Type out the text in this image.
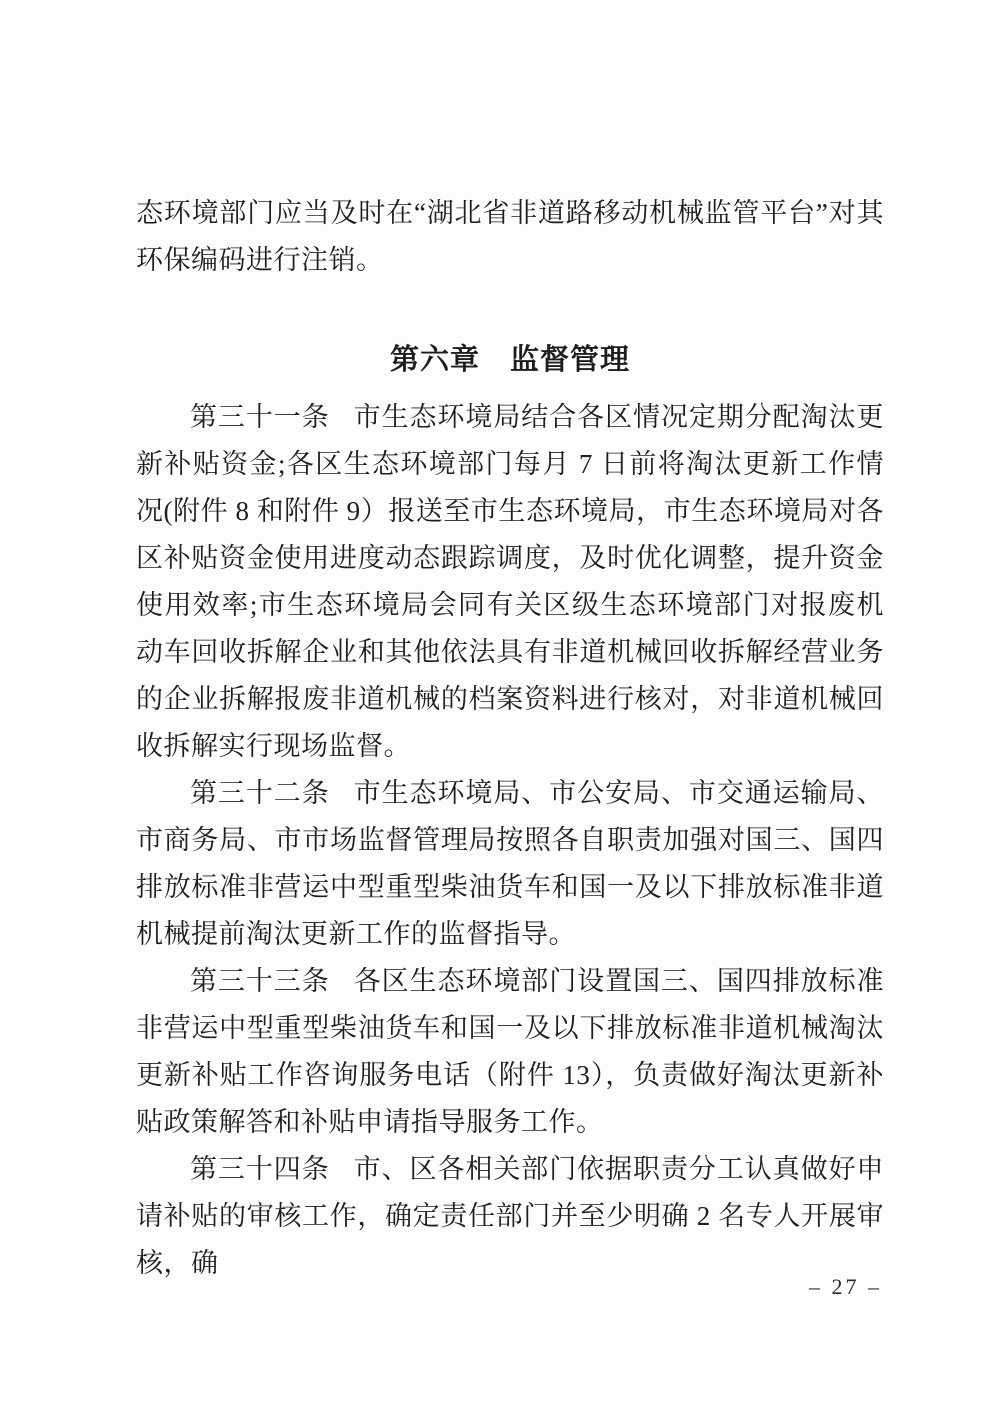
态环境部门应当及时在“湖北省非道路移动机械监管平台”对其环保编码进行注销。

第六章 监督管理

第三十一条 市生态环境局结合各区情况定期分配淘汰更新补贴资金;各区生态环境部门每月 7 日前将淘汰更新工作情况(附件 8 和附件 9）报送至市生态环境局，市生态环境局对各区补贴资金使用进度动态跟踪调度，及时优化调整，提升资金使用效率;市生态环境局会同有关区级生态环境部门对报废机动车回收拆解企业和其他依法具有非道机械回收拆解经营业务的企业拆解报废非道机械的档案资料进行核对，对非道机械回收拆解实行现场监督。

第三十二条 市生态环境局、市公安局、市交通运输局、市商务局、市市场监督管理局按照各自职责加强对国三、国四排放标准非营运中型重型柴油货车和国一及以下排放标准非道机械提前淘汰更新工作的监督指导。

第三十三条 各区生态环境部门设置国三、国四排放标准非营运中型重型柴油货车和国一及以下排放标准非道机械淘汰更新补贴工作咨询服务电话（附件 13），负责做好淘汰更新补贴政策解答和补贴申请指导服务工作。

第三十四条 市、区各相关部门依据职责分工认真做好申请补贴的审核工作，确定责任部门并至少明确 2 名专人开展审核，确

– 27 –
